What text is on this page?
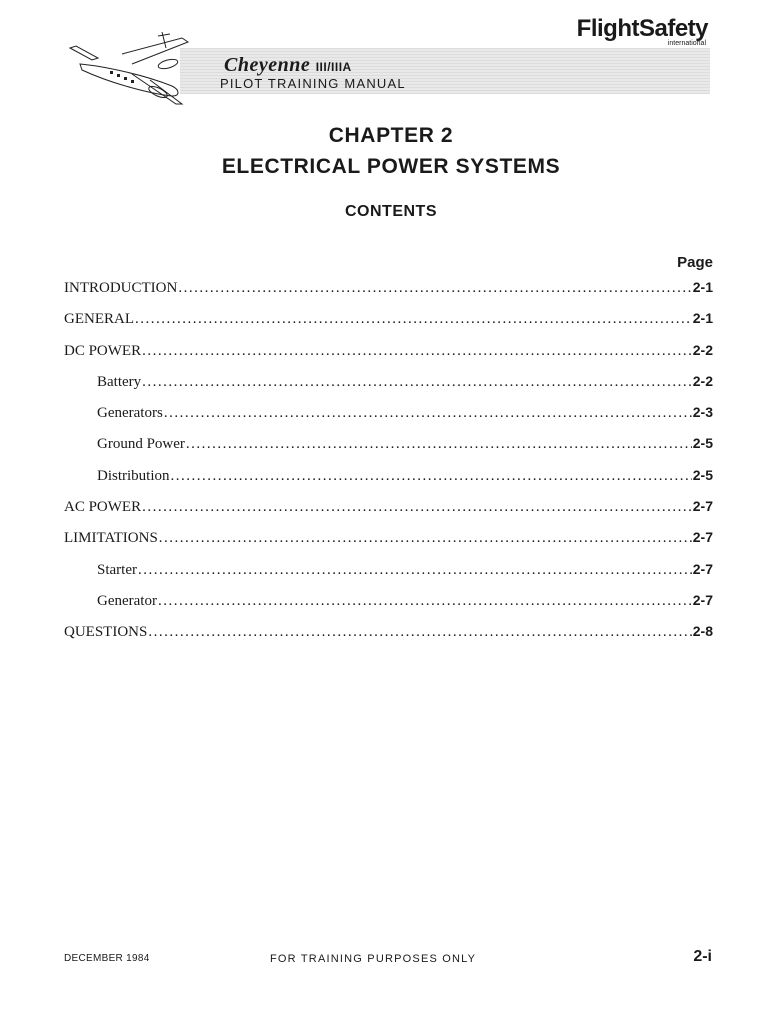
FlightSafety
international
Cheyenne III/IIIA
PILOT TRAINING MANUAL
CHAPTER 2
ELECTRICAL POWER SYSTEMS
CONTENTS
Page
INTRODUCTION .....	2-1
GENERAL .....	2-1
DC POWER .....	2-2
Battery .....	2-2
Generators .....	2-3
Ground Power .....	2-5
Distribution .....	2-5
AC POWER .....	2-7
LIMITATIONS .....	2-7
Starter .....	2-7
Generator .....	2-7
QUESTIONS .....	2-8
DECEMBER 1984	FOR TRAINING PURPOSES ONLY	2-i
